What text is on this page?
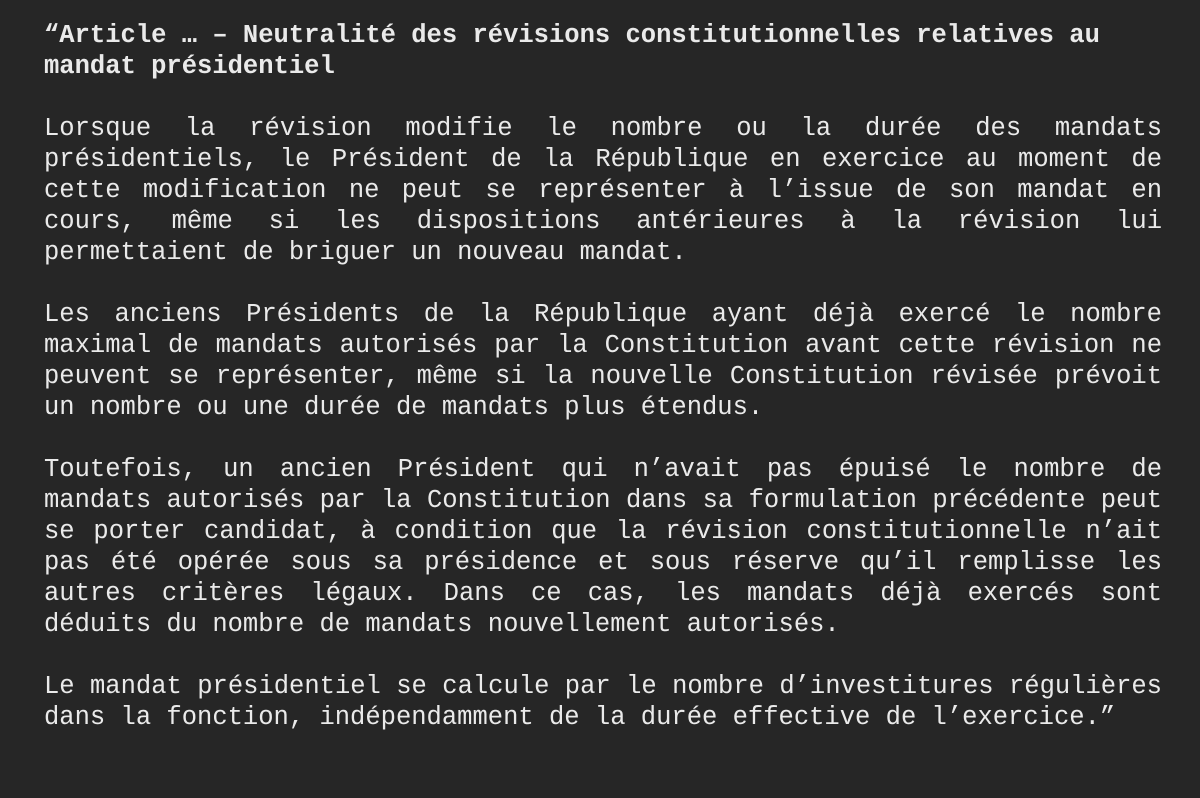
“Article … – Neutralité des révisions constitutionnelles relatives au mandat présidentiel
Lorsque la révision modifie le nombre ou la durée des mandats présidentiels, le Président de la République en exercice au moment de cette modification ne peut se représenter à l’issue de son mandat en cours, même si les dispositions antérieures à la révision lui permettaient de briguer un nouveau mandat.
Les anciens Présidents de la République ayant déjà exercé le nombre maximal de mandats autorisés par la Constitution avant cette révision ne peuvent se représenter, même si la nouvelle Constitution révisée prévoit un nombre ou une durée de mandats plus étendus.
Toutefois, un ancien Président qui n’avait pas épuisé le nombre de mandats autorisés par la Constitution dans sa formulation précédente peut se porter candidat, à condition que la révision constitutionnelle n’ait pas été opérée sous sa présidence et sous réserve qu’il remplisse les autres critères légaux. Dans ce cas, les mandats déjà exercés sont déduits du nombre de mandats nouvellement autorisés.
Le mandat présidentiel se calcule par le nombre d’investitures régulières dans la fonction, indépendamment de la durée effective de l’exercice.”
